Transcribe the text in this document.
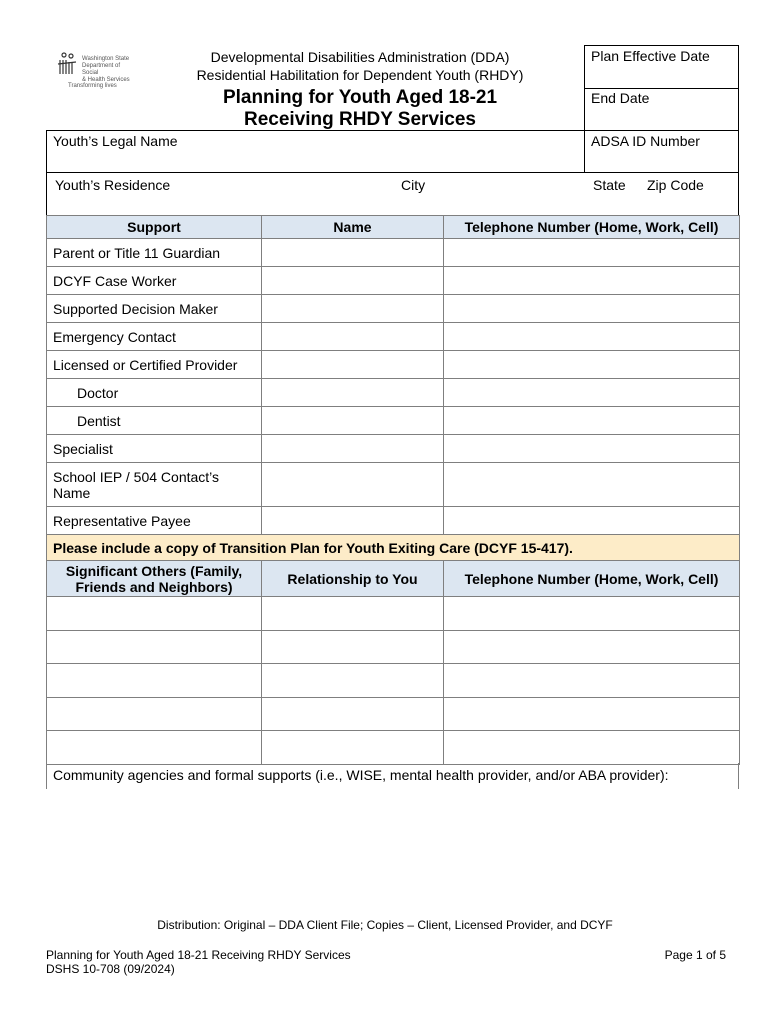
Washington State
Department of Social
& Health Services
Transforming lives
Developmental Disabilities Administration (DDA)
Residential Habilitation for Dependent Youth (RHDY)
Planning for Youth Aged 18-21
Receiving RHDY Services
Plan Effective Date
End Date
Youth’s Legal Name	ADSA ID Number
Youth’s Residence	City	State	Zip Code
Support	Name	Telephone Number (Home, Work, Cell)
Parent or Title 11 Guardian		
DCYF Case Worker		
Supported Decision Maker		
Emergency Contact		
Licensed or Certified Provider		
Doctor		
Dentist		
Specialist		
School IEP / 504 Contact’s Name		
Representative Payee		
Please include a copy of Transition Plan for Youth Exiting Care (DCYF 15-417).		
Significant Others (Family, Friends and Neighbors)	Relationship to You	Telephone Number (Home, Work, Cell)

Community agencies and formal supports (i.e., WISE, mental health provider, and/or ABA provider):
Distribution: Original – DDA Client File; Copies – Client, Licensed Provider, and DCYF
Planning for Youth Aged 18-21 Receiving RHDY Services
DSHS 10-708 (09/2024)
Page 1 of 5
